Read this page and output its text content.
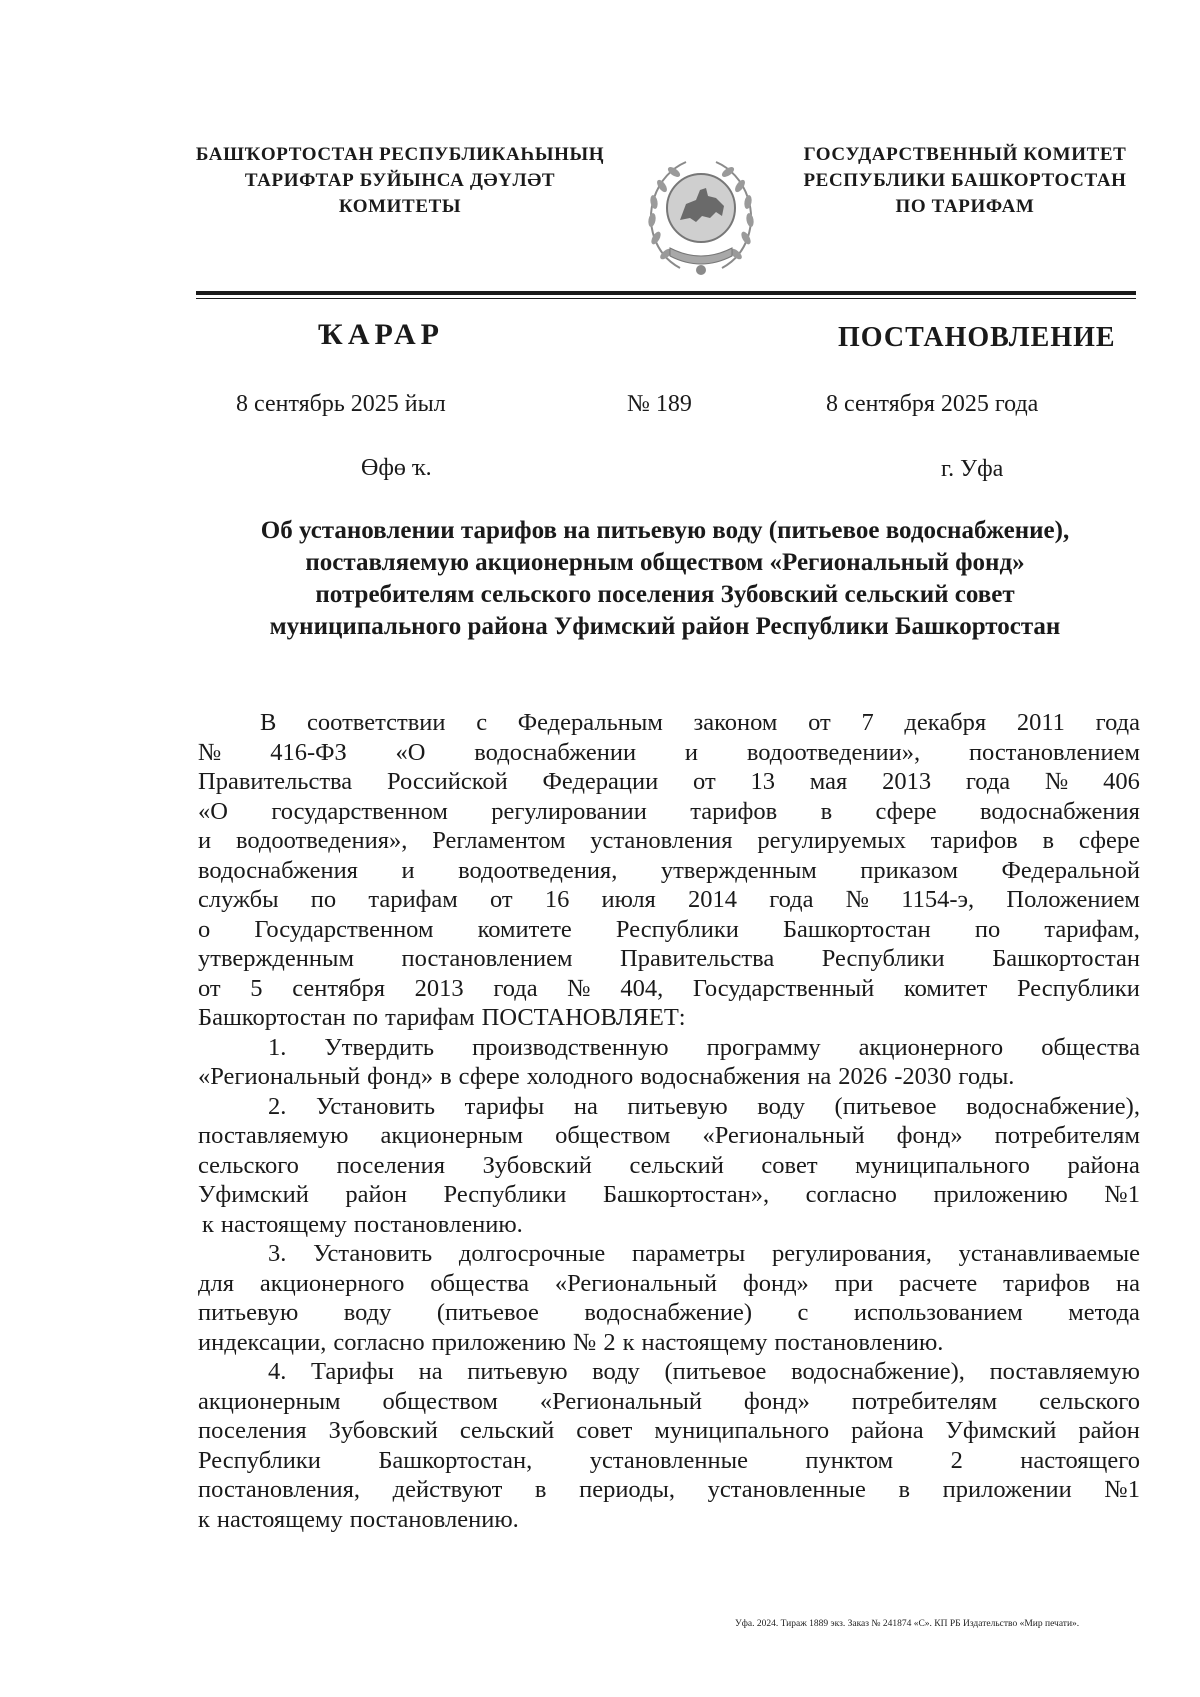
БАШҠОРТОСТАН РЕСПУБЛИКАҺЫНЫҢ
ТАРИФТАР БУЙЫНСА ДӘҮЛӘТ
КОМИТЕТЫ
ГОСУДАРСТВЕННЫЙ КОМИТЕТ
РЕСПУБЛИКИ БАШКОРТОСТАН
ПО ТАРИФАМ
ҠАРАР	ПОСТАНОВЛЕНИЕ
8 сентябрь 2025 йыл	№ 189	8 сентября 2025 года
Өфө ҡ.	г. Уфа
Об установлении тарифов на питьевую воду (питьевое водоснабжение),
поставляемую акционерным обществом «Региональный фонд»
потребителям сельского поселения Зубовский сельский совет
муниципального района Уфимский район Республики Башкортостан
В соответствии с Федеральным законом от 7 декабря 2011 года
№ 416-ФЗ «О водоснабжении и водоотведении», постановлением
Правительства Российской Федерации от 13 мая 2013 года № 406
«О государственном регулировании тарифов в сфере водоснабжения
и водоотведения», Регламентом установления регулируемых тарифов в сфере
водоснабжения и водоотведения, утвержденным приказом Федеральной
службы по тарифам от 16 июля 2014 года № 1154-э, Положением
о Государственном комитете Республики Башкортостан по тарифам,
утвержденным постановлением Правительства Республики Башкортостан
от 5 сентября 2013 года № 404, Государственный комитет Республики
Башкортостан по тарифам ПОСТАНОВЛЯЕТ:
1. Утвердить производственную программу акционерного общества
«Региональный фонд» в сфере холодного водоснабжения на 2026 -2030 годы.
2. Установить тарифы на питьевую воду (питьевое водоснабжение),
поставляемую акционерным обществом «Региональный фонд» потребителям
сельского поселения Зубовский сельский совет муниципального района
Уфимский район Республики Башкортостан», согласно приложению №1
к настоящему постановлению.
3. Установить долгосрочные параметры регулирования, устанавливаемые
для акционерного общества «Региональный фонд» при расчете тарифов на
питьевую воду (питьевое водоснабжение) с использованием метода
индексации, согласно приложению № 2 к настоящему постановлению.
4. Тарифы на питьевую воду (питьевое водоснабжение), поставляемую
акционерным обществом «Региональный фонд» потребителям сельского
поселения Зубовский сельский совет муниципального района Уфимский район
Республики Башкортостан, установленные пунктом 2 настоящего
постановления, действуют в периоды, установленные в приложении №1
к настоящему постановлению.
Уфа. 2024. Тираж 1889 экз. Заказ № 241874 «С». КП РБ Издательство «Мир печати».
